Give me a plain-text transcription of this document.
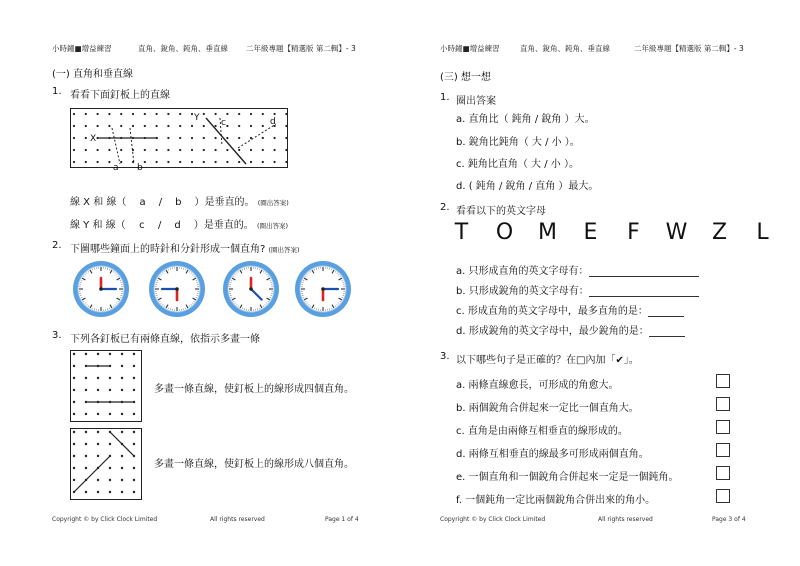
小時鐘■增益練習	直角、銳角、鈍角、垂直線 二年級專題【精選版 第二輯】- 3
(一) 直角和垂直線
1. 看看下面釘板上的直線
X
a b
Y c	d
線 X 和 線（ a / b ）是垂直的。 (圈出答案)
線 Y 和 線（ c / d ）是垂直的。 (圈出答案)
2. 下圖哪些鐘面上的時針和分針形成一個直角? (圈出答案)
3. 下列各釘板已有兩條直線，依指示多畫一條
多畫一條直線，使釘板上的線形成四個直角。
多畫一條直線，使釘板上的線形成八個直角。
Copyright © by Click Clock Limited	All rights reserved	Page 1 of 4
小時鐘■增益練習	直角、銳角、鈍角、垂直線	二年級專題【精選版 第二輯】- 3
(三) 想一想
1. 圈出答案
a. 直角比（ 鈍角 / 銳角 ）大。
b. 銳角比鈍角（ 大 / 小 ）。
c. 鈍角比直角（ 大 / 小 ）。
d. ( 鈍角 / 銳角 / 直角 ）最大。
2. 看看以下的英文字母
T O M E F W Z L
a. 只形成直角的英文字母有：
b. 只形成銳角的英文字母有：
c. 形成直角的英文字母中，最多直角的是：
d. 形成銳角的英文字母中，最少銳角的是：
3. 以下哪些句子是正確的？在□內加「✔」。
a. 兩條直線愈長，可形成的角愈大。
b. 兩個銳角合併起來一定比一個直角大。
c. 直角是由兩條互相垂直的線形成的。
d. 兩條互相垂直的線最多可形成兩個直角。
e. 一個直角和一個銳角合併起來一定是一個鈍角。
f. 一個鈍角一定比兩個銳角合併出來的角小。
Copyright © by Click Clock Limited	All rights reserved	Page 3 of 4
